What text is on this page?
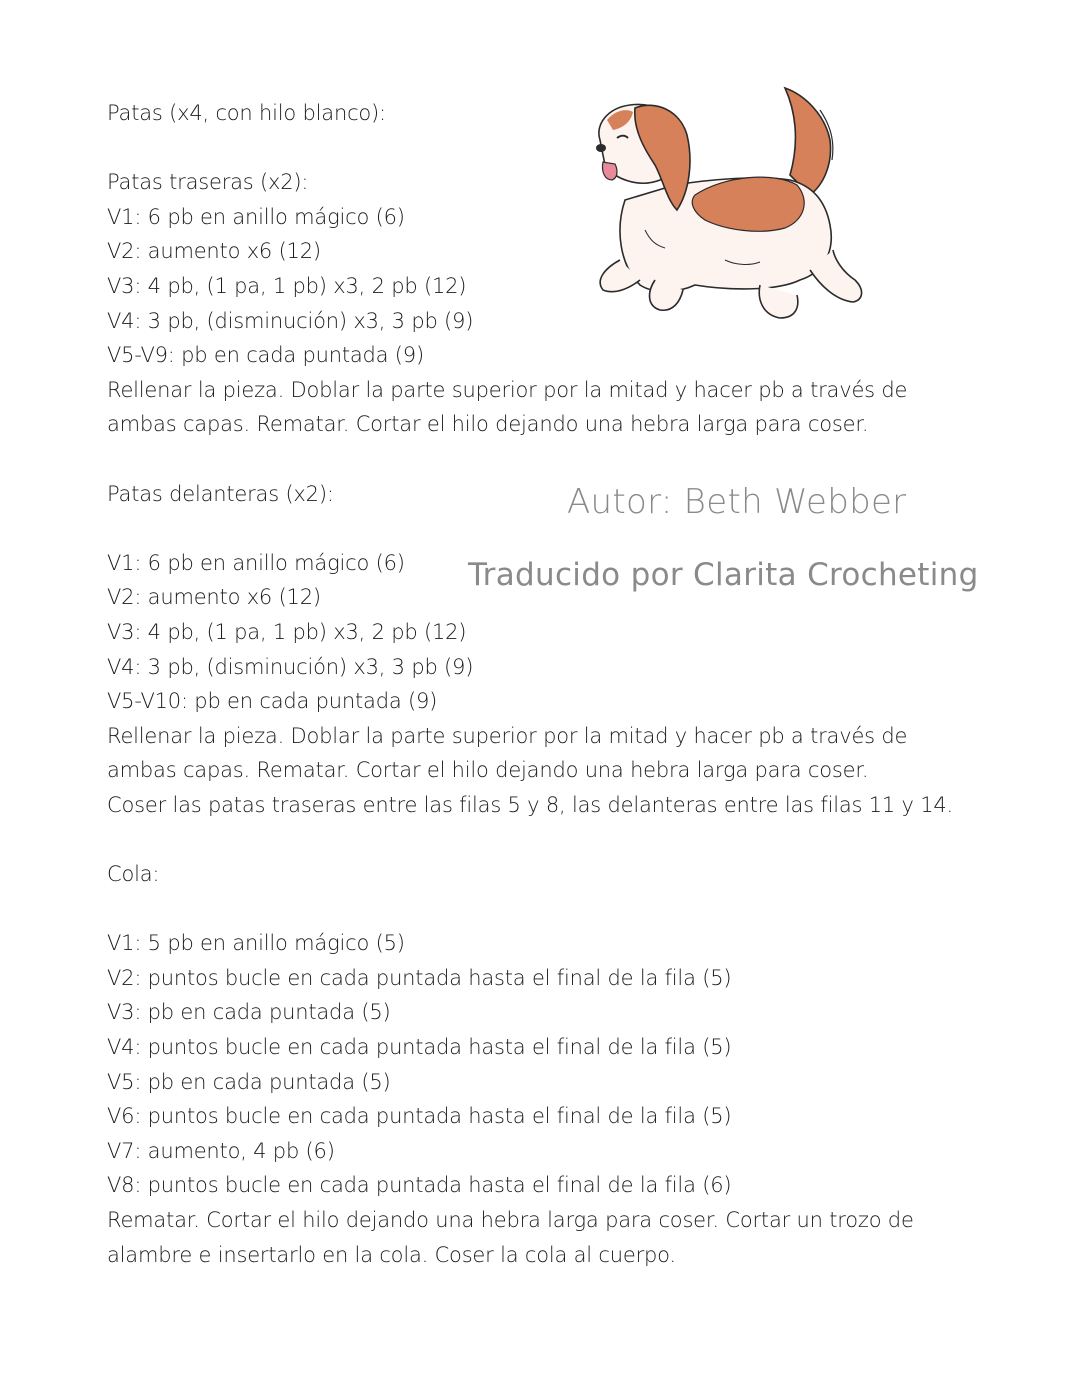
Patas (x4, con hilo blanco):
Patas traseras (x2):
V1: 6 pb en anillo mágico (6)
V2: aumento x6 (12)
V3: 4 pb, (1 pa, 1 pb) x3, 2 pb (12)
V4: 3 pb, (disminución) x3, 3 pb (9)
V5-V9: pb en cada puntada (9)
Rellenar la pieza. Doblar la parte superior por la mitad y hacer pb a través de
ambas capas. Rematar. Cortar el hilo dejando una hebra larga para coser.
Patas delanteras (x2):
V1: 6 pb en anillo mágico (6)
V2: aumento x6 (12)
V3: 4 pb, (1 pa, 1 pb) x3, 2 pb (12)
V4: 3 pb, (disminución) x3, 3 pb (9)
V5-V10: pb en cada puntada (9)
Rellenar la pieza. Doblar la parte superior por la mitad y hacer pb a través de
ambas capas. Rematar. Cortar el hilo dejando una hebra larga para coser.
Coser las patas traseras entre las filas 5 y 8, las delanteras entre las filas 11 y 14.
Cola:
V1: 5 pb en anillo mágico (5)
V2: puntos bucle en cada puntada hasta el final de la fila (5)
V3: pb en cada puntada (5)
V4: puntos bucle en cada puntada hasta el final de la fila (5)
V5: pb en cada puntada (5)
V6: puntos bucle en cada puntada hasta el final de la fila (5)
V7: aumento, 4 pb (6)
V8: puntos bucle en cada puntada hasta el final de la fila (6)
Rematar. Cortar el hilo dejando una hebra larga para coser. Cortar un trozo de
alambre e insertarlo en la cola. Coser la cola al cuerpo.
Autor: Beth Webber
Traducido por Clarita Crocheting
